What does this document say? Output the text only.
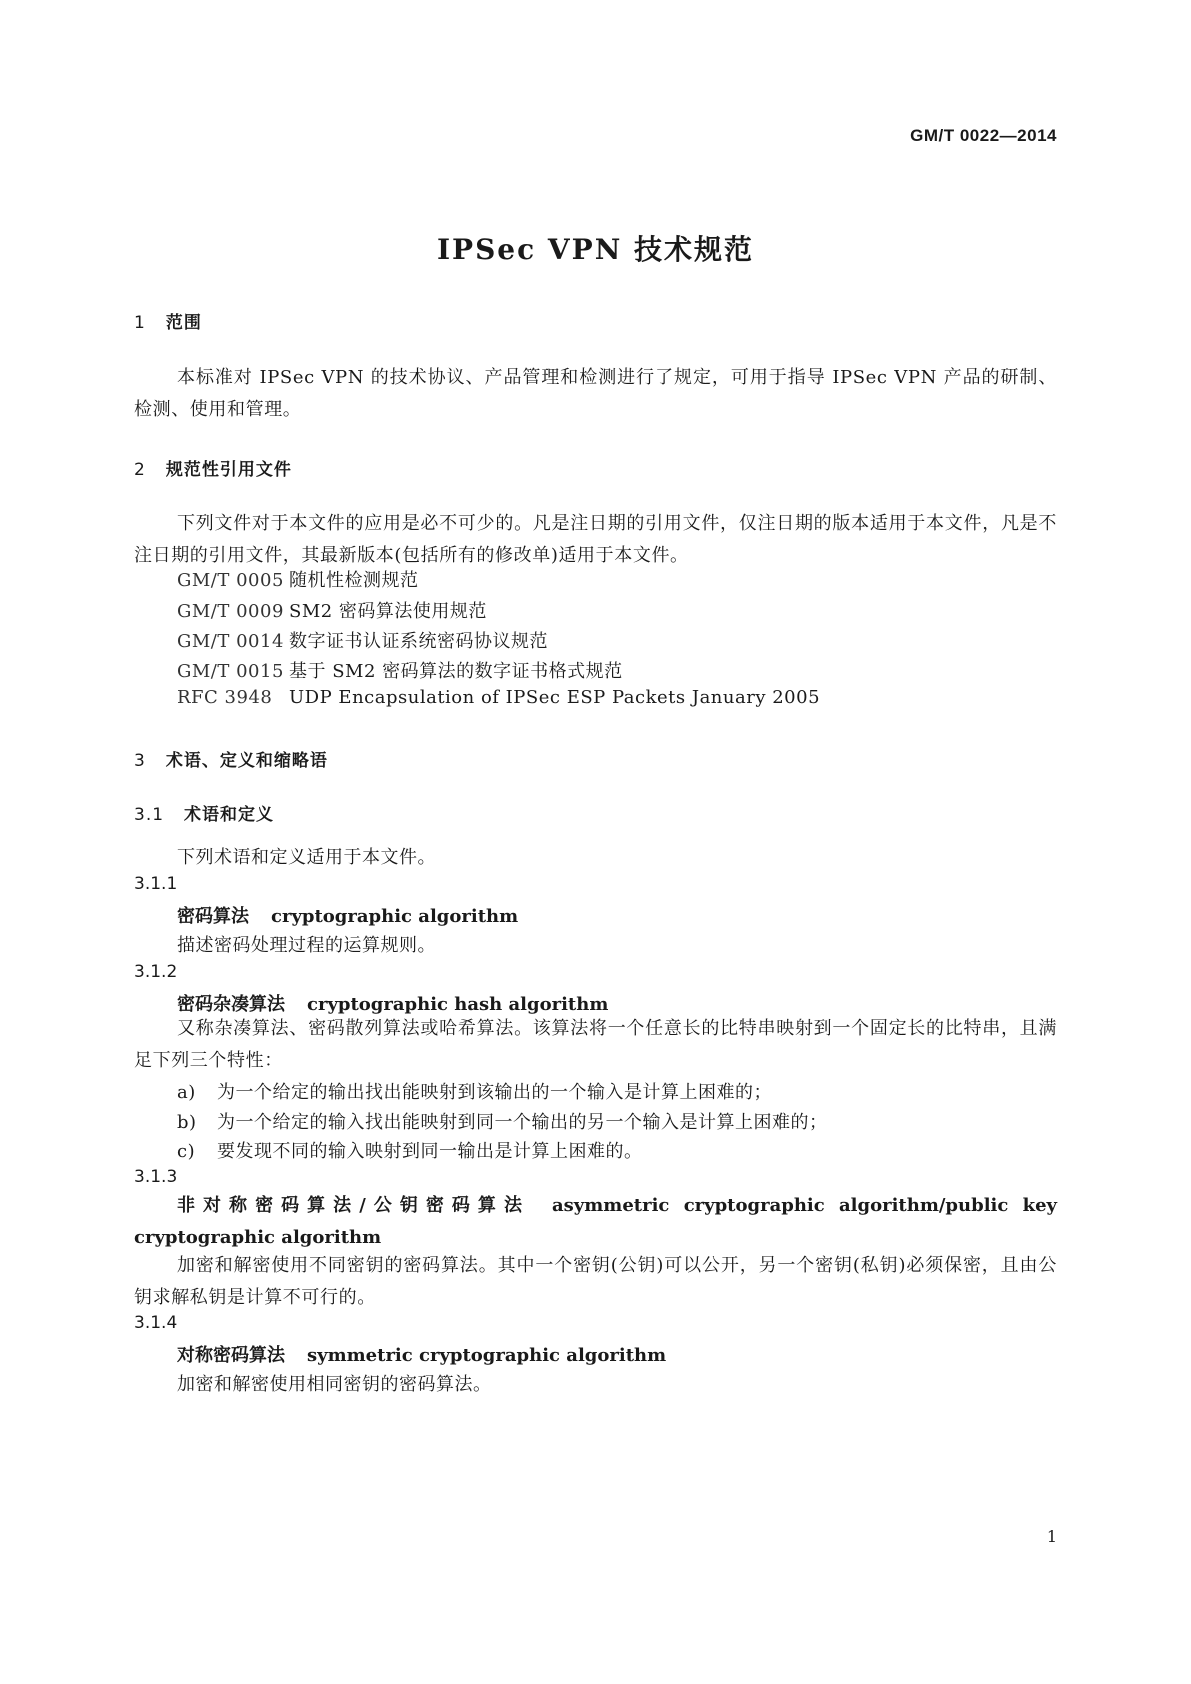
GM/T 0022—2014
IPSec VPN 技术规范
1 范围
本标准对 IPSec VPN 的技术协议、产品管理和检测进行了规定，可用于指导 IPSec VPN 产品的研制、检测、使用和管理。
2 规范性引用文件
下列文件对于本文件的应用是必不可少的。凡是注日期的引用文件，仅注日期的版本适用于本文件，凡是不注日期的引用文件，其最新版本(包括所有的修改单)适用于本文件。
GM/T 0005 随机性检测规范
GM/T 0009 SM2 密码算法使用规范
GM/T 0014 数字证书认证系统密码协议规范
GM/T 0015 基于 SM2 密码算法的数字证书格式规范
RFC 3948 UDP Encapsulation of IPSec ESP Packets January 2005
3 术语、定义和缩略语
3.1 术语和定义
下列术语和定义适用于本文件。
3.1.1
密码算法 cryptographic algorithm
描述密码处理过程的运算规则。
3.1.2
密码杂凑算法 cryptographic hash algorithm
又称杂凑算法、密码散列算法或哈希算法。该算法将一个任意长的比特串映射到一个固定长的比特串，且满足下列三个特性：
a) 为一个给定的输出找出能映射到该输出的一个输入是计算上困难的；
b) 为一个给定的输入找出能映射到同一个输出的另一个输入是计算上困难的；
c) 要发现不同的输入映射到同一输出是计算上困难的。
3.1.3
非对称密码算法/公钥密码算法 asymmetric cryptographic algorithm/public key cryptographic algorithm
加密和解密使用不同密钥的密码算法。其中一个密钥(公钥)可以公开，另一个密钥(私钥)必须保密，且由公钥求解私钥是计算不可行的。
3.1.4
对称密码算法 symmetric cryptographic algorithm
加密和解密使用相同密钥的密码算法。
1
